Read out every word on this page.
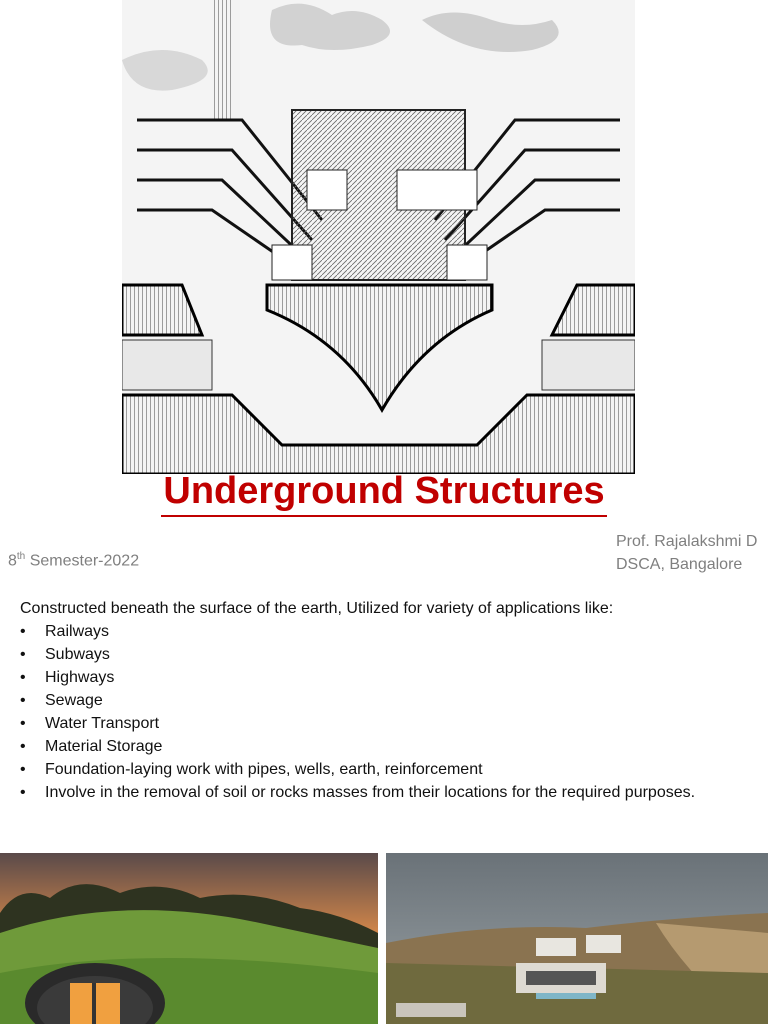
Underground Structures
8th Semester-2022
Prof. Rajalakshmi D
DSCA, Bangalore
Constructed beneath the surface of the earth, Utilized for variety of applications like:
• Railways
• Subways
• Highways
• Sewage
• Water Transport
• Material Storage
• Foundation-laying work with pipes, wells, earth, reinforcement
• Involve in the removal of soil or rocks masses from their locations for the required purposes.
